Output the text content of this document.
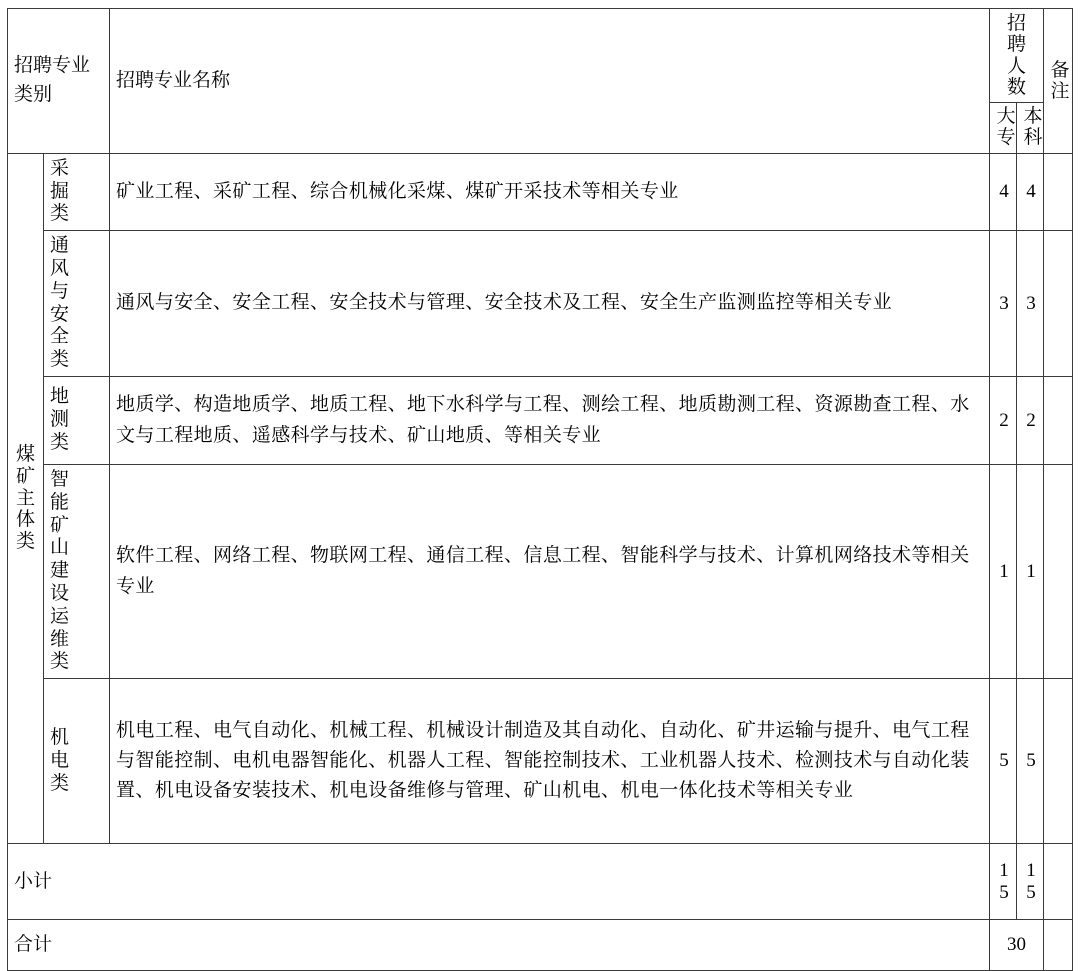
招聘专业类别		招聘专业名称	招聘人数		备注

			大专	本科	

煤矿主体类	采掘类	矿业工程、采矿工程、综合机械化采煤、煤矿开采技术等相关专业	4	4	

	通风与安全类	通风与安全、安全工程、安全技术与管理、安全技术及工程、安全生产监测监控等相关专业	3	3	

	地测类	地质学、构造地质学、地质工程、地下水科学与工程、测绘工程、地质勘测工程、资源勘查工程、水文与工程地质、遥感科学与技术、矿山地质、等相关专业	2	2	

	智能矿山建设运维类	软件工程、网络工程、物联网工程、通信工程、信息工程、智能科学与技术、计算机网络技术等相关专业	1	1	

	机电类	机电工程、电气自动化、机械工程、机械设计制造及其自动化、自动化、矿井运输与提升、电气工程与智能控制、电机电器智能化、机器人工程、智能控制技术、工业机器人技术、检测技术与自动化装置、机电设备安装技术、机电设备维修与管理、矿山机电、机电一体化技术等相关专业	5	5	

小计			15	15	

合计			30		
